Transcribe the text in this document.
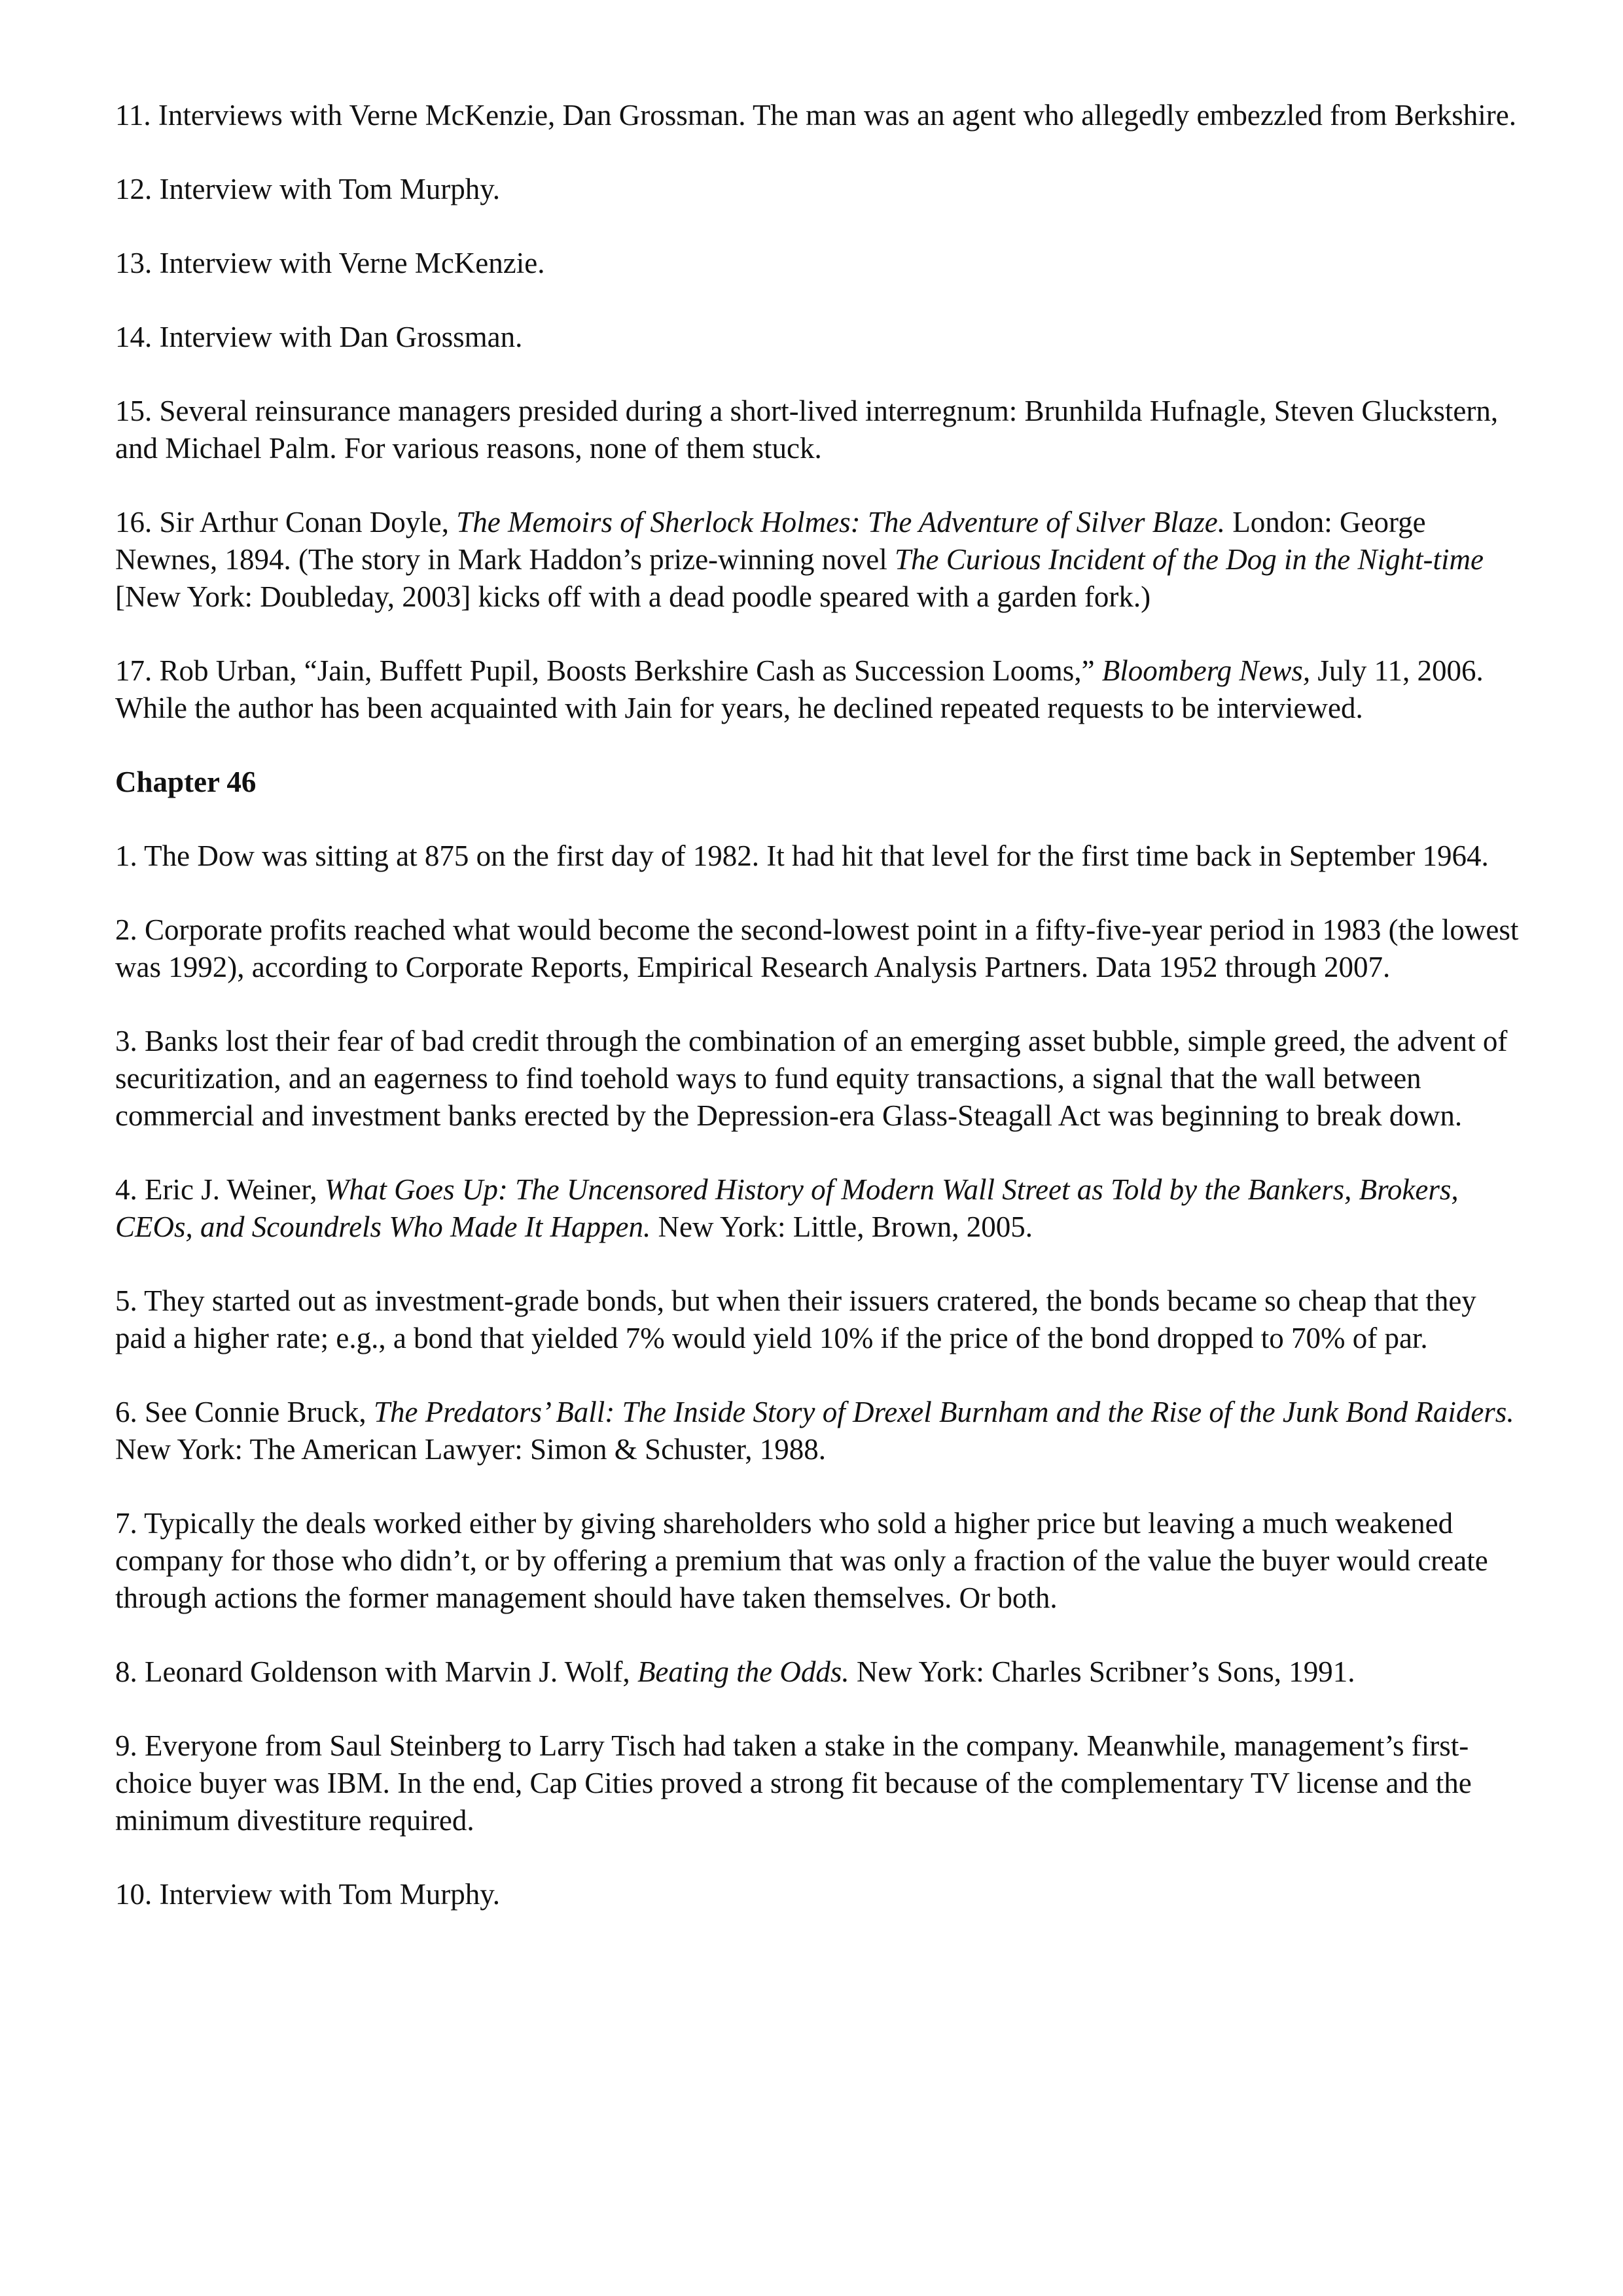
11. Interviews with Verne McKenzie, Dan Grossman. The man was an agent who allegedly embezzled from Berkshire.

12. Interview with Tom Murphy.

13. Interview with Verne McKenzie.

14. Interview with Dan Grossman.

15. Several reinsurance managers presided during a short-lived interregnum: Brunhilda Hufnagle, Steven Gluckstern, and Michael Palm. For various reasons, none of them stuck.

16. Sir Arthur Conan Doyle, The Memoirs of Sherlock Holmes: The Adventure of Silver Blaze. London: George Newnes, 1894. (The story in Mark Haddon’s prize-winning novel The Curious Incident of the Dog in the Night-time [New York: Doubleday, 2003] kicks off with a dead poodle speared with a garden fork.)

17. Rob Urban, “Jain, Buffett Pupil, Boosts Berkshire Cash as Succession Looms,” Bloomberg News, July 11, 2006. While the author has been acquainted with Jain for years, he declined repeated requests to be interviewed.

Chapter 46

1. The Dow was sitting at 875 on the first day of 1982. It had hit that level for the first time back in September 1964.

2. Corporate profits reached what would become the second-lowest point in a fifty-five-year period in 1983 (the lowest was 1992), according to Corporate Reports, Empirical Research Analysis Partners. Data 1952 through 2007.

3. Banks lost their fear of bad credit through the combination of an emerging asset bubble, simple greed, the advent of securitization, and an eagerness to find toehold ways to fund equity transactions, a signal that the wall between commercial and investment banks erected by the Depression-era Glass-Steagall Act was beginning to break down.

4. Eric J. Weiner, What Goes Up: The Uncensored History of Modern Wall Street as Told by the Bankers, Brokers, CEOs, and Scoundrels Who Made It Happen. New York: Little, Brown, 2005.

5. They started out as investment-grade bonds, but when their issuers cratered, the bonds became so cheap that they paid a higher rate; e.g., a bond that yielded 7% would yield 10% if the price of the bond dropped to 70% of par.

6. See Connie Bruck, The Predators’ Ball: The Inside Story of Drexel Burnham and the Rise of the Junk Bond Raiders. New York: The American Lawyer: Simon & Schuster, 1988.

7. Typically the deals worked either by giving shareholders who sold a higher price but leaving a much weakened company for those who didn’t, or by offering a premium that was only a fraction of the value the buyer would create through actions the former management should have taken themselves. Or both.

8. Leonard Goldenson with Marvin J. Wolf, Beating the Odds. New York: Charles Scribner’s Sons, 1991.

9. Everyone from Saul Steinberg to Larry Tisch had taken a stake in the company. Meanwhile, management’s first-choice buyer was IBM. In the end, Cap Cities proved a strong fit because of the complementary TV license and the minimum divestiture required.

10. Interview with Tom Murphy.
